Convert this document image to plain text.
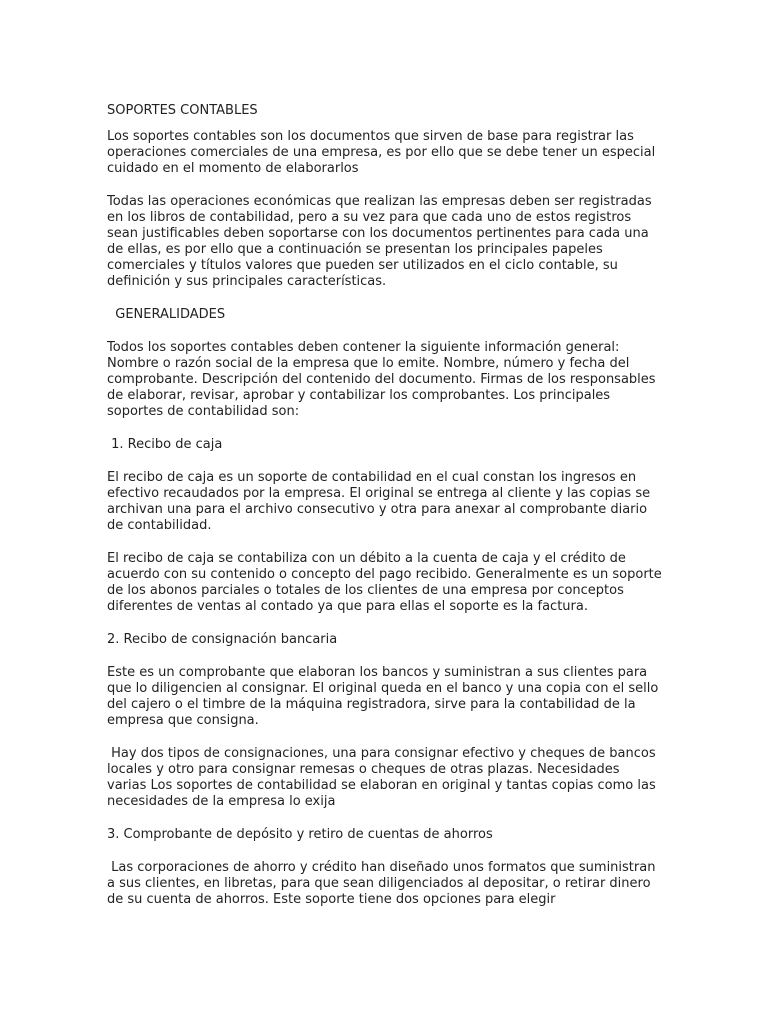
SOPORTES CONTABLES

Los soportes contables son los documentos que sirven de base para registrar las operaciones comerciales de una empresa, es por ello que se debe tener un especial cuidado en el momento de elaborarlos

Todas las operaciones económicas que realizan las empresas deben ser registradas en los libros de contabilidad, pero a su vez para que cada uno de estos registros sean justificables deben soportarse con los documentos pertinentes para cada una de ellas, es por ello que a continuación se presentan los principales papeles comerciales y títulos valores que pueden ser utilizados en el ciclo contable, su definición y sus principales características.

GENERALIDADES

Todos los soportes contables deben contener la siguiente información general: Nombre o razón social de la empresa que lo emite. Nombre, número y fecha del comprobante. Descripción del contenido del documento. Firmas de los responsables de elaborar, revisar, aprobar y contabilizar los comprobantes. Los principales soportes de contabilidad son:

1. Recibo de caja

El recibo de caja es un soporte de contabilidad en el cual constan los ingresos en efectivo recaudados por la empresa. El original se entrega al cliente y las copias se archivan una para el archivo consecutivo y otra para anexar al comprobante diario de contabilidad.

El recibo de caja se contabiliza con un débito a la cuenta de caja y el crédito de acuerdo con su contenido o concepto del pago recibido. Generalmente es un soporte de los abonos parciales o totales de los clientes de una empresa por conceptos diferentes de ventas al contado ya que para ellas el soporte es la factura.

2. Recibo de consignación bancaria

Este es un comprobante que elaboran los bancos y suministran a sus clientes para que lo diligencien al consignar. El original queda en el banco y una copia con el sello del cajero o el timbre de la máquina registradora, sirve para la contabilidad de la empresa que consigna.

Hay dos tipos de consignaciones, una para consignar efectivo y cheques de bancos locales y otro para consignar remesas o cheques de otras plazas. Necesidades varias Los soportes de contabilidad se elaboran en original y tantas copias como las necesidades de la empresa lo exija

3. Comprobante de depósito y retiro de cuentas de ahorros

Las corporaciones de ahorro y crédito han diseñado unos formatos que suministran a sus clientes, en libretas, para que sean diligenciados al depositar, o retirar dinero de su cuenta de ahorros. Este soporte tiene dos opciones para elegir
